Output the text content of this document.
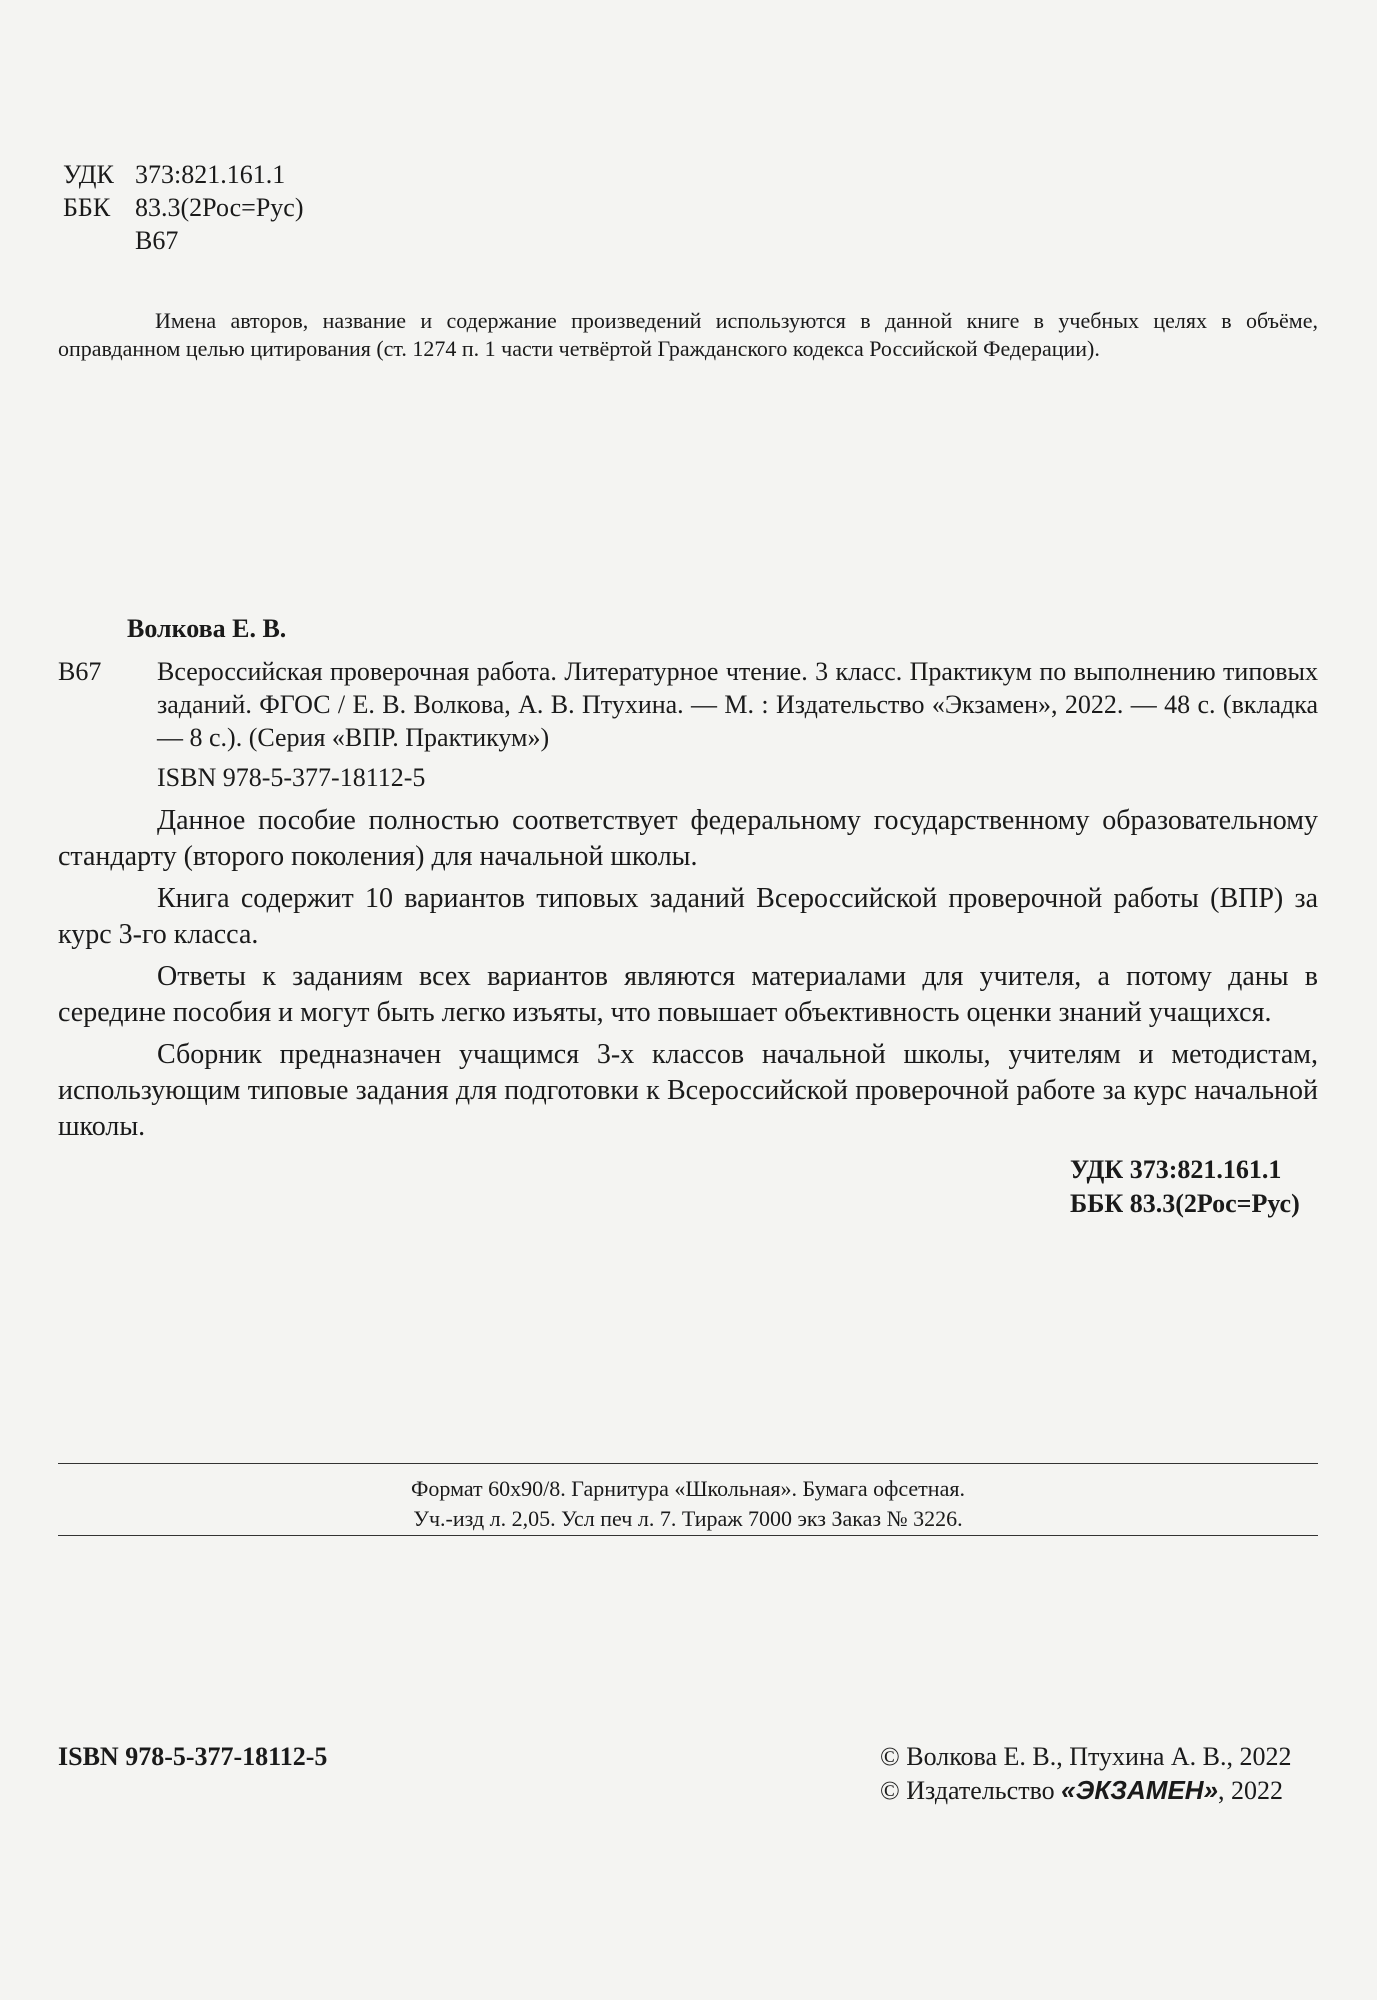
УДК 373:821.161.1
ББК 83.3(2Рос=Рус)
В67

Имена авторов, название и содержание произведений используются в данной книге в учебных целях в объёме, оправданном целью цитирования (ст. 1274 п. 1 части четвёртой Гражданского кодекса Российской Федерации).

Волкова Е. В.
В67 Всероссийская проверочная работа. Литературное чтение. 3 класс. Практикум по выполнению типовых заданий. ФГОС / Е. В. Волкова, А. В. Птухина. — М. : Издательство «Экзамен», 2022. — 48 с. (вкладка — 8 с.). (Серия «ВПР. Практикум»)

ISBN 978-5-377-18112-5

Данное пособие полностью соответствует федеральному государственному образовательному стандарту (второго поколения) для начальной школы.

Книга содержит 10 вариантов типовых заданий Всероссийской проверочной работы (ВПР) за курс 3-го класса.

Ответы к заданиям всех вариантов являются материалами для учителя, а потому даны в середине пособия и могут быть легко изъяты, что повышает объективность оценки знаний учащихся.

Сборник предназначен учащимся 3-х классов начальной школы, учителям и методистам, использующим типовые задания для подготовки к Всероссийской проверочной работе за курс начальной школы.

УДК 373:821.161.1
ББК 83.3(2Рос=Рус)
Формат 60х90/8. Гарнитура «Школьная». Бумага офсетная.
Уч.-изд л. 2,05. Усл печ л. 7. Тираж 7000 экз Заказ № 3226.
ISBN 978-5-377-18112-5	© Волкова Е. В., Птухина А. В., 2022
© Издательство «ЭКЗАМЕН», 2022
